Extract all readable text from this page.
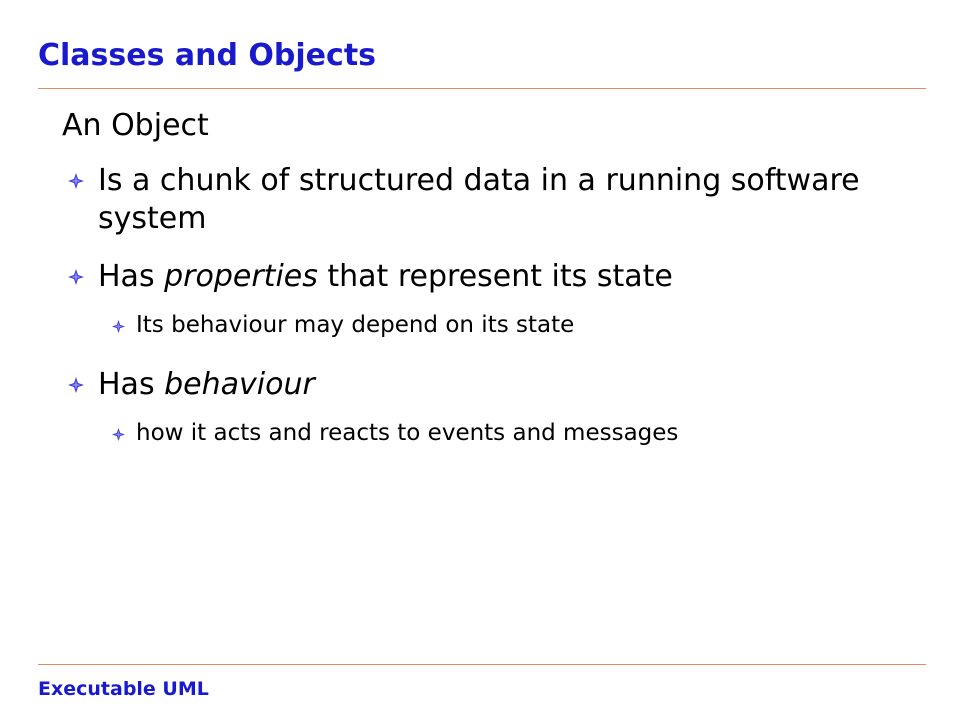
Classes and Objects
An Object
Is a chunk of structured data in a running software system
Has properties that represent its state
Its behaviour may depend on its state
Has behaviour
how it acts and reacts to events and messages
Executable UML
